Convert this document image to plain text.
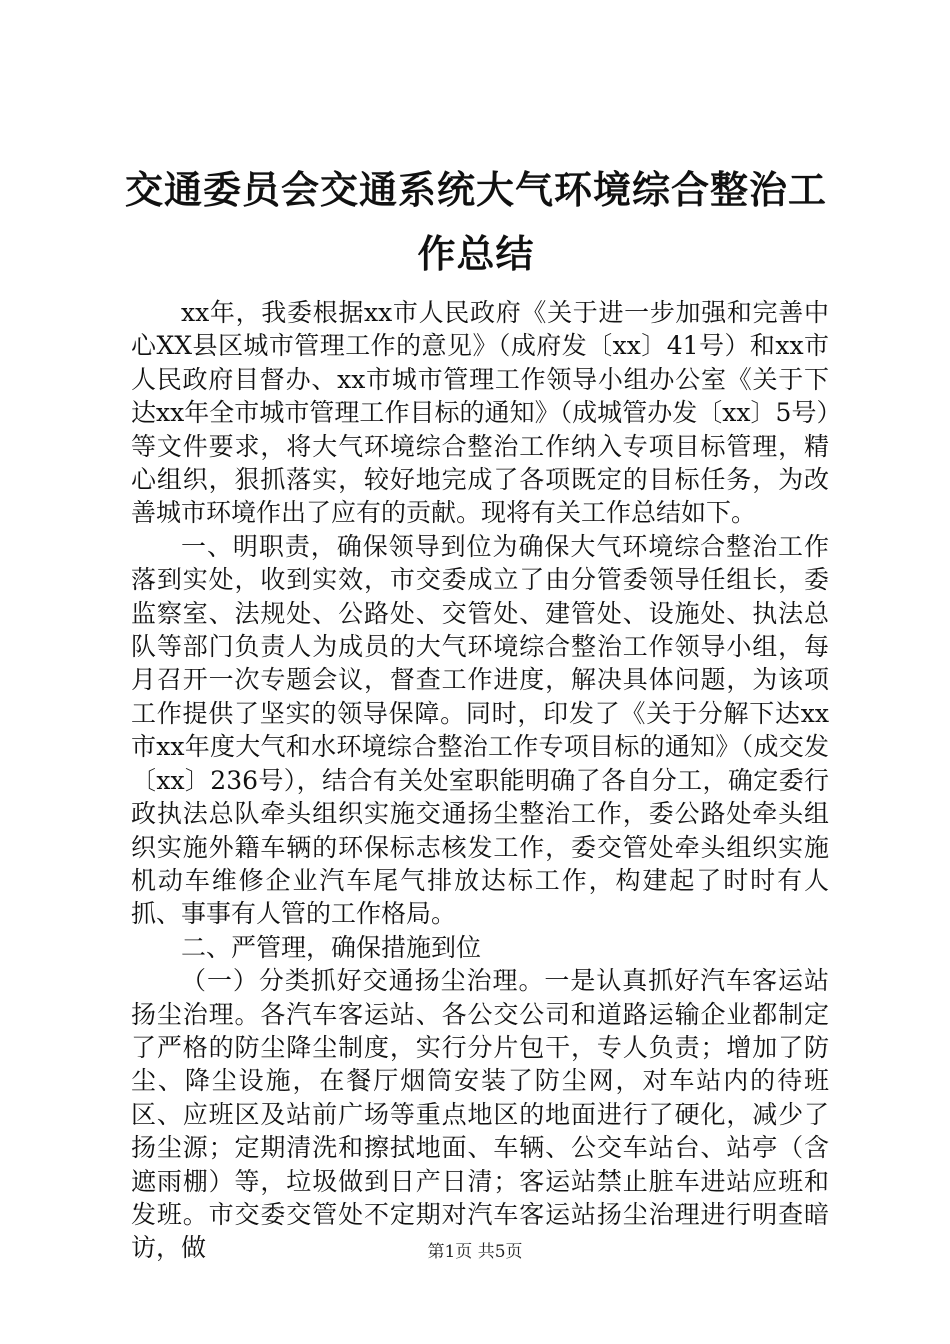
交通委员会交通系统大气环境综合整治工作总结

xx年，我委根据xx市人民政府《关于进一步加强和完善中心XX县区城市管理工作的意见》（成府发〔xx〕41号）和xx市人民政府目督办、xx市城市管理工作领导小组办公室《关于下达xx年全市城市管理工作目标的通知》（成城管办发〔xx〕5号）等文件要求，将大气环境综合整治工作纳入专项目标管理，精心组织，狠抓落实，较好地完成了各项既定的目标任务，为改善城市环境作出了应有的贡献。现将有关工作总结如下。

一、明职责，确保领导到位为确保大气环境综合整治工作落到实处，收到实效，市交委成立了由分管委领导任组长，委监察室、法规处、公路处、交管处、建管处、设施处、执法总队等部门负责人为成员的大气环境综合整治工作领导小组，每月召开一次专题会议，督查工作进度，解决具体问题，为该项工作提供了坚实的领导保障。同时，印发了《关于分解下达xx市xx年度大气和水环境综合整治工作专项目标的通知》（成交发〔xx〕236号），结合有关处室职能明确了各自分工，确定委行政执法总队牵头组织实施交通扬尘整治工作，委公路处牵头组织实施外籍车辆的环保标志核发工作，委交管处牵头组织实施机动车维修企业汽车尾气排放达标工作，构建起了时时有人抓、事事有人管的工作格局。

二、严管理，确保措施到位

（一）分类抓好交通扬尘治理。一是认真抓好汽车客运站扬尘治理。各汽车客运站、各公交公司和道路运输企业都制定了严格的防尘降尘制度，实行分片包干，专人负责；增加了防尘、降尘设施，在餐厅烟筒安装了防尘网，对车站内的待班区、应班区及站前广场等重点地区的地面进行了硬化，减少了扬尘源；定期清洗和擦拭地面、车辆、公交车站台、站亭（含遮雨棚）等，垃圾做到日产日清；客运站禁止脏车进站应班和发班。市交委交管处不定期对汽车客运站扬尘治理进行明查暗访，做	第1页 共5页
